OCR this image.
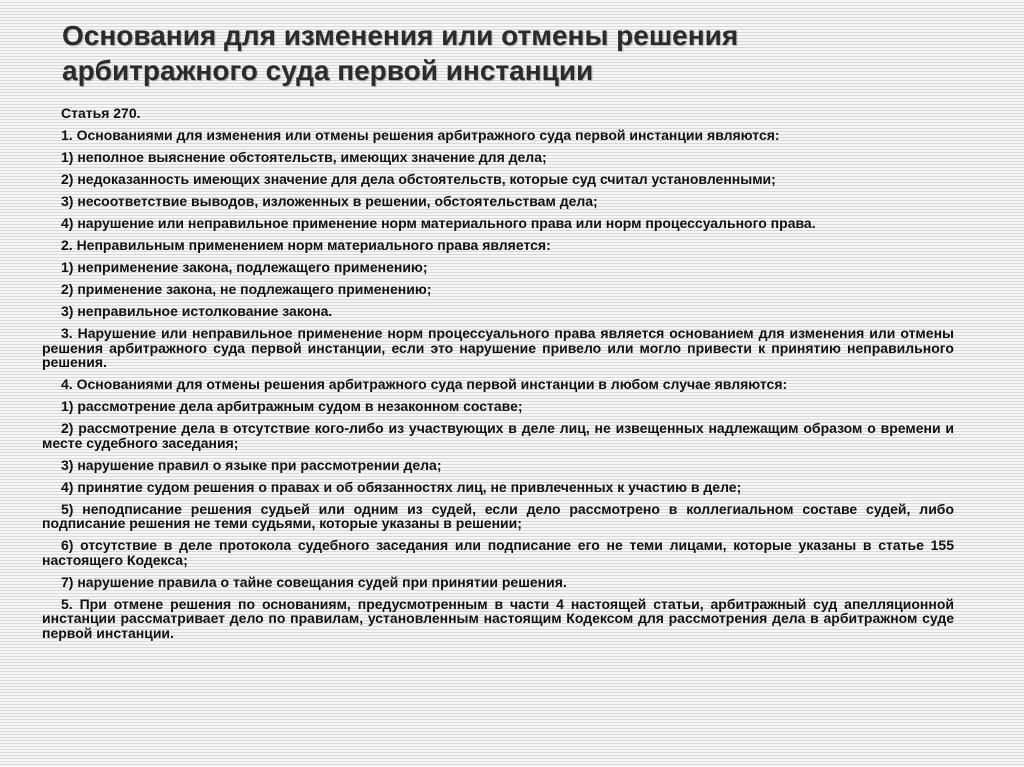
Основания для изменения или отмены решения
арбитражного суда первой инстанции

Статья 270.

1. Основаниями для изменения или отмены решения арбитражного суда первой инстанции являются:

1) неполное выяснение обстоятельств, имеющих значение для дела;

2) недоказанность имеющих значение для дела обстоятельств, которые суд считал установленными;

3) несоответствие выводов, изложенных в решении, обстоятельствам дела;

4) нарушение или неправильное применение норм материального права или норм процессуального права.

2. Неправильным применением норм материального права является:

1) неприменение закона, подлежащего применению;

2) применение закона, не подлежащего применению;

3) неправильное истолкование закона.

3. Нарушение или неправильное применение норм процессуального права является основанием для изменения или отмены решения арбитражного суда первой инстанции, если это нарушение привело или могло привести к принятию неправильного решения.

4. Основаниями для отмены решения арбитражного суда первой инстанции в любом случае являются:

1) рассмотрение дела арбитражным судом в незаконном составе;

2) рассмотрение дела в отсутствие кого-либо из участвующих в деле лиц, не извещенных надлежащим образом о времени и месте судебного заседания;

3) нарушение правил о языке при рассмотрении дела;

4) принятие судом решения о правах и об обязанностях лиц, не привлеченных к участию в деле;

5) неподписание решения судьей или одним из судей, если дело рассмотрено в коллегиальном составе судей, либо подписание решения не теми судьями, которые указаны в решении;

6) отсутствие в деле протокола судебного заседания или подписание его не теми лицами, которые указаны в статье 155 настоящего Кодекса;

7) нарушение правила о тайне совещания судей при принятии решения.

5. При отмене решения по основаниям, предусмотренным в части 4 настоящей статьи, арбитражный суд апелляционной инстанции рассматривает дело по правилам, установленным настоящим Кодексом для рассмотрения дела в арбитражном суде первой инстанции.
